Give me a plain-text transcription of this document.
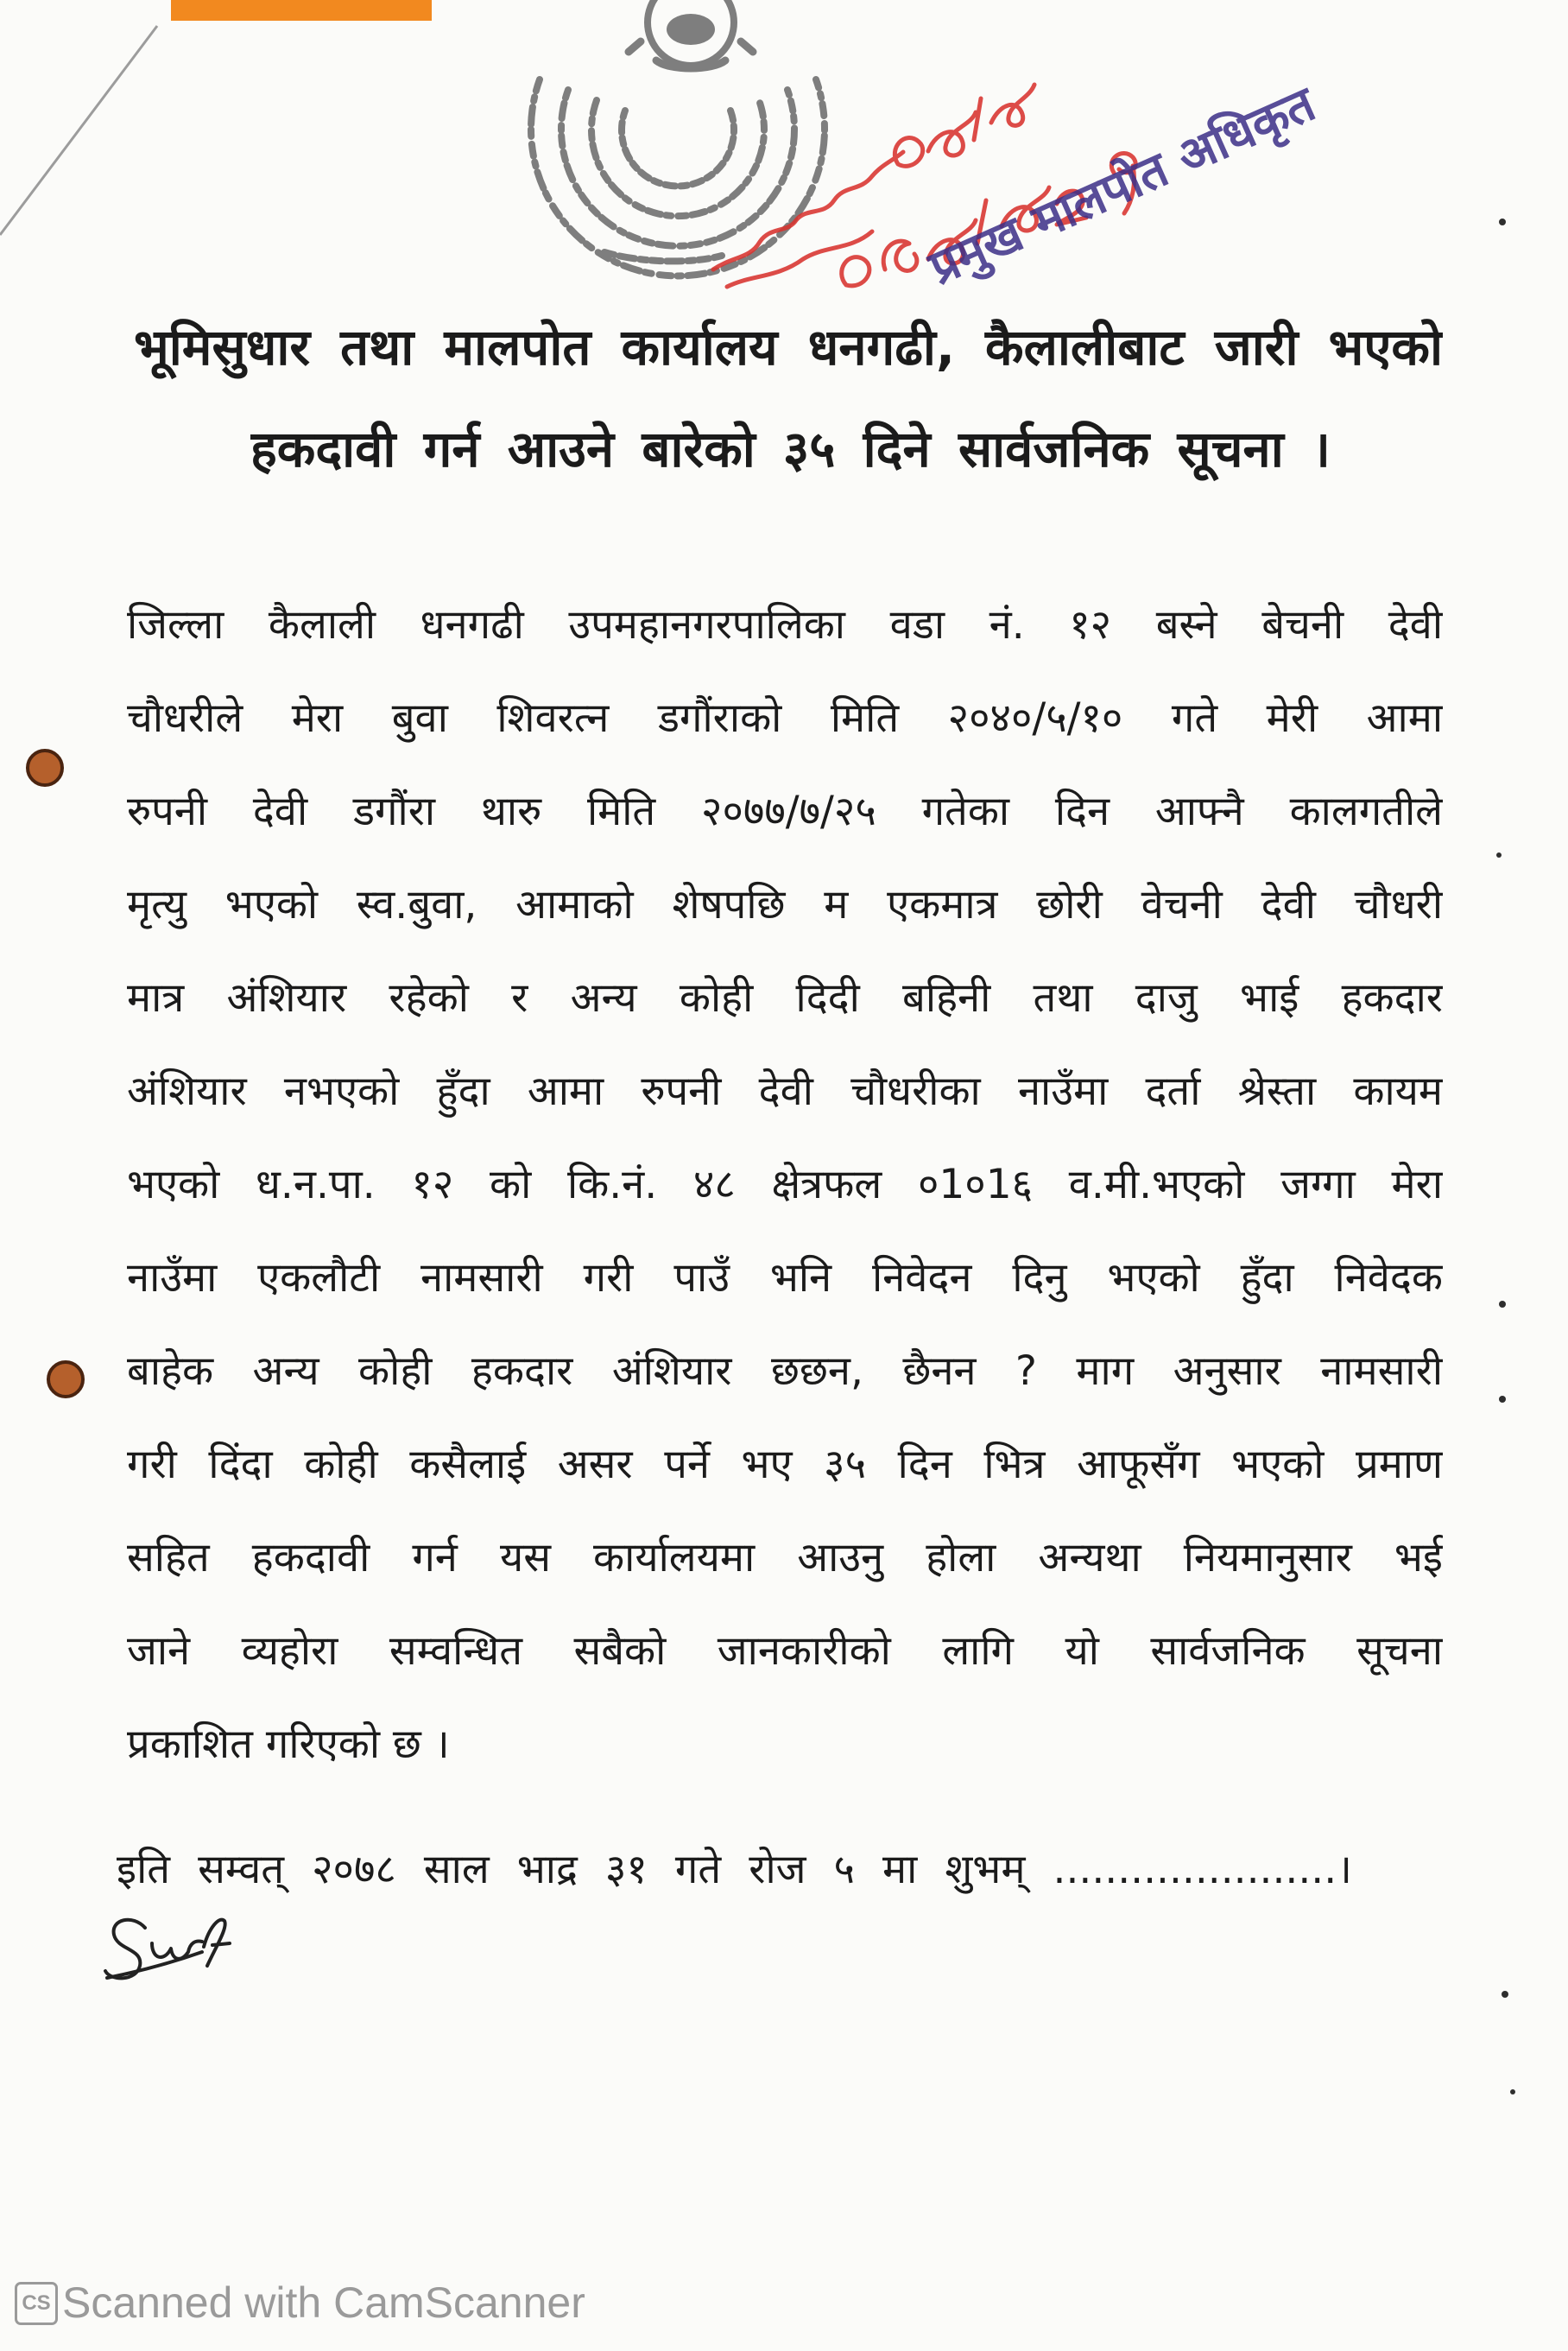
भूमिसुधार तथा मालपोत कार्यालय धनगढी, कैलालीबाट जारी भएको
हकदावी गर्न आउने बारेको ३५ दिने सार्वजनिक सूचना ।
प्रमुख मालपोत अधिकृत
जिल्ला कैलाली धनगढी उपमहानगरपालिका वडा नं. १२ बस्ने बेचनी देवी
चौधरीले मेरा बुवा शिवरत्न डगौंराको मिति २०४०/५/१० गते मेरी आमा
रुपनी देवी डगौंरा थारु मिति २०७७/७/२५ गतेका दिन आफ्नै कालगतीले
मृत्यु भएको स्व.बुवा, आमाको शेषपछि म एकमात्र छोरी वेचनी देवी चौधरी
मात्र अंशियार रहेको र अन्य कोही दिदी बहिनी तथा दाजु भाई हकदार
अंशियार नभएको हुँदा आमा रुपनी देवी चौधरीका नाउँमा दर्ता श्रेस्ता कायम
भएको ध.न.पा. १२ को कि.नं. ४८ क्षेत्रफल ०1०1६ व.मी.भएको जग्गा मेरा
नाउँमा एकलौटी नामसारी गरी पाउँ भनि निवेदन दिनु भएको हुँदा निवेदक
बाहेक अन्य कोही हकदार अंशियार छछन, छैनन ? माग अनुसार नामसारी
गरी दिंदा कोही कसैलाई असर पर्ने भए ३५ दिन भित्र आफूसँग भएको प्रमाण
सहित हकदावी गर्न यस कार्यालयमा आउनु होला अन्यथा नियमानुसार भई
जाने व्यहोरा सम्वन्धित सबैको जानकारीको लागि यो सार्वजनिक सूचना
प्रकाशित गरिएको छ ।
इति सम्वत् २०७८ साल भाद्र ३१ गते रोज ५ मा शुभम् ......................।
CS Scanned with CamScanner
